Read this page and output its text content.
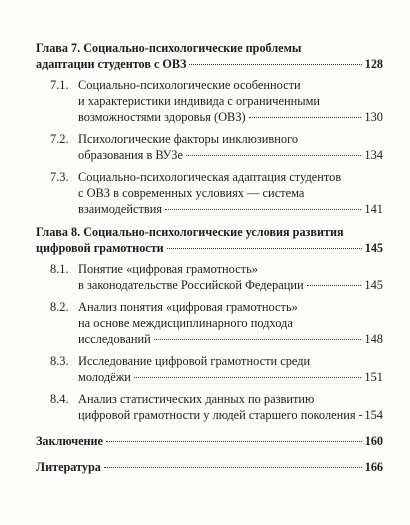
Глава 7. Социально-психологические проблемы
адаптации студентов с ОВЗ	128
7.1. Социально-психологические особенности
и характеристики индивида с ограниченными
возможностями здоровья (ОВЗ)	130
7.2. Психологические факторы инклюзивного
образования в ВУЗе	134
7.3. Социально-психологическая адаптация студентов
с ОВЗ в современных условиях — система
взаимодействия	141
Глава 8. Социально-психологические условия развития
цифровой грамотности	145
8.1. Понятие «цифровая грамотность»
в законодательстве Российской Федерации	145
8.2. Анализ понятия «цифровая грамотность»
на основе междисциплинарного подхода
исследований	148
8.3. Исследование цифровой грамотности среди
молодёжи	151
8.4. Анализ статистических данных по развитию
цифровой грамотности у людей старшего поколения 154
Заключение	160
Литература	166
